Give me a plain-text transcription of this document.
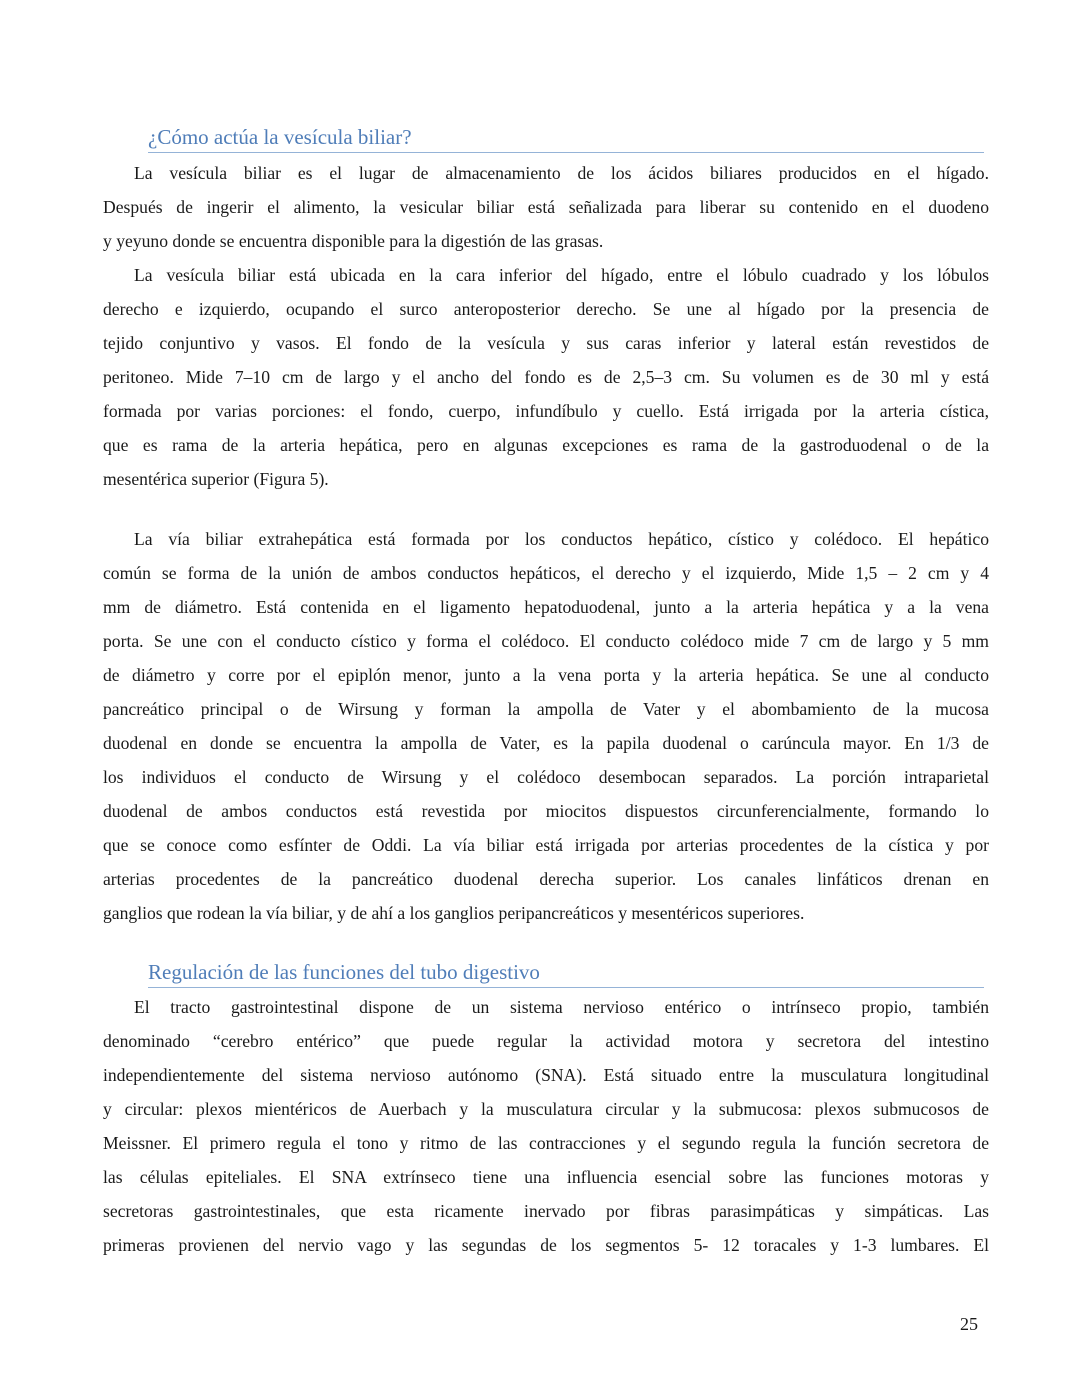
¿Cómo actúa la vesícula biliar?
La vesícula biliar es el lugar de almacenamiento de los ácidos biliares producidos en el hígado.
Después de ingerir el alimento, la vesicular biliar está señalizada para liberar su contenido en el duodeno
y yeyuno donde se encuentra disponible para la digestión de las grasas.
La vesícula biliar está ubicada en la cara inferior del hígado, entre el lóbulo cuadrado y los lóbulos
derecho e izquierdo, ocupando el surco anteroposterior derecho. Se une al hígado por la presencia de
tejido conjuntivo y vasos. El fondo de la vesícula y sus caras inferior y lateral están revestidos de
peritoneo. Mide 7–10 cm de largo y el ancho del fondo es de 2,5–3 cm. Su volumen es de 30 ml y está
formada por varias porciones: el fondo, cuerpo, infundíbulo y cuello. Está irrigada por la arteria cística,
que es rama de la arteria hepática, pero en algunas excepciones es rama de la gastroduodenal o de la
mesentérica superior (Figura 5).
La vía biliar extrahepática está formada por los conductos hepático, cístico y colédoco. El hepático
común se forma de la unión de ambos conductos hepáticos, el derecho y el izquierdo, Mide 1,5 – 2 cm y 4
mm de diámetro. Está contenida en el ligamento hepatoduodenal, junto a la arteria hepática y a la vena
porta. Se une con el conducto cístico y forma el colédoco. El conducto colédoco mide 7 cm de largo y 5 mm
de diámetro y corre por el epiplón menor, junto a la vena porta y la arteria hepática. Se une al conducto
pancreático principal o de Wirsung y forman la ampolla de Vater y el abombamiento de la mucosa
duodenal en donde se encuentra la ampolla de Vater, es la papila duodenal o carúncula mayor. En 1/3 de
los individuos el conducto de Wirsung y el colédoco desembocan separados. La porción intraparietal
duodenal de ambos conductos está revestida por miocitos dispuestos circunferencialmente, formando lo
que se conoce como esfínter de Oddi. La vía biliar está irrigada por arterias procedentes de la cística y por
arterias procedentes de la pancreático duodenal derecha superior. Los canales linfáticos drenan en
ganglios que rodean la vía biliar, y de ahí a los ganglios peripancreáticos y mesentéricos superiores.
Regulación de las funciones del tubo digestivo
El tracto gastrointestinal dispone de un sistema nervioso entérico o intrínseco propio, también
denominado “cerebro entérico” que puede regular la actividad motora y secretora del intestino
independientemente del sistema nervioso autónomo (SNA). Está situado entre la musculatura longitudinal
y circular: plexos mientéricos de Auerbach y la musculatura circular y la submucosa: plexos submucosos de
Meissner. El primero regula el tono y ritmo de las contracciones y el segundo regula la función secretora de
las células epiteliales. El SNA extrínseco tiene una influencia esencial sobre las funciones motoras y
secretoras gastrointestinales, que esta ricamente inervado por fibras parasimpáticas y simpáticas. Las
primeras provienen del nervio vago y las segundas de los segmentos 5- 12 toracales y 1-3 lumbares. El
25
